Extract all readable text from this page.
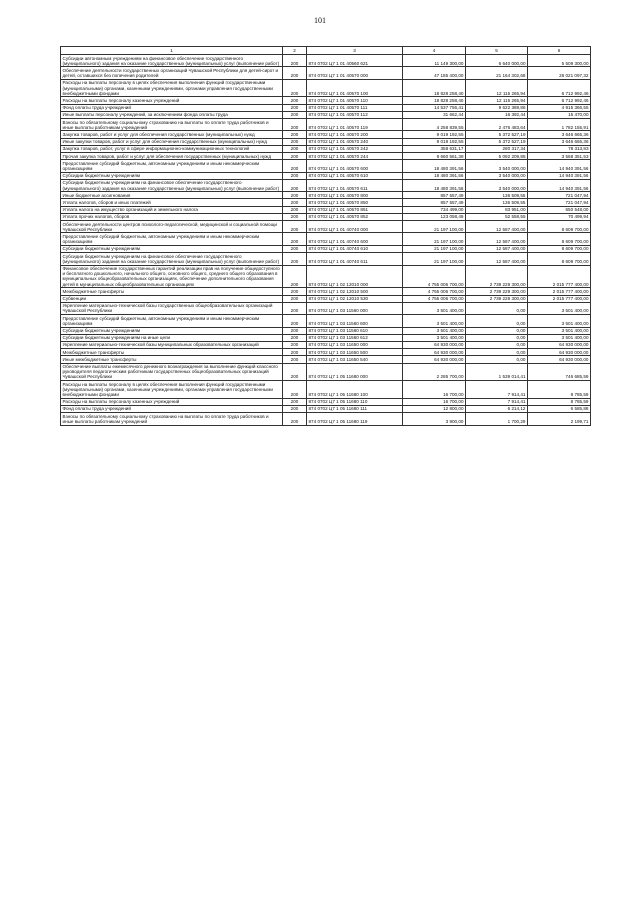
101
1	2	3	4	5	6
Субсидии автономным учреждениям на финансовое обеспечение государственного (муниципального) задания на оказание государственных (муниципальных) услуг (выполнение работ)	200	874 0702 Ц7 1 01 40560 621	11 149 300,00	6 640 000,00	5 509 300,00
Обеспечение деятельности государственных организаций Чувашской Республики для детей-сирот и детей, оставшихся без попечения родителей	200	874 0702 Ц7 1 01 40570 000	47 185 400,00	21 164 302,68	26 021 097,32
Расходы на выплаты персоналу в целях обеспечения выполнения функций государственными (муниципальными) органами, казенными учреждениями, органами управления государственными внебюджетными фондами	200	874 0702 Ц7 1 01 40570 100	18 828 258,40	12 115 265,94	6 712 992,46
Расходы на выплаты персоналу казенных учреждений	200	874 0702 Ц7 1 01 40570 110	18 828 258,40	12 115 265,94	6 712 992,46
Фонд оплаты труда учреждений	200	874 0702 Ц7 1 01 40570 111	14 537 756,41	9 622 389,86	4 915 366,55
Иные выплаты персоналу учреждений, за исключением фонда оплаты труда	200	874 0702 Ц7 1 01 40570 112	31 662,44	16 392,44	15 470,00
Взносы по обязательному социальному страхованию на выплаты по оплате труда работников и иные выплаты работникам учреждений	200	874 0702 Ц7 1 01 40570 119	4 258 839,55	2 476 483,64	1 782 155,91
Закупка товаров, работ и услуг для обеспечения государственных (муниципальных) нужд	200	874 0702 Ц7 1 01 40570 200	9 019 192,55	5 372 527,19	3 646 665,36
Иные закупки товаров, работ и услуг для обеспечения государственных (муниципальных) нужд	200	874 0702 Ц7 1 01 40570 240	9 019 192,55	5 372 527,19	3 646 665,36
Закупка товаров, работ, услуг в сфере информационно-коммуникационных технологий	200	874 0702 Ц7 1 01 40570 242	358 631,17	280 317,34	78 313,83
Прочая закупка товаров, работ и услуг для обеспечения государственных (муниципальных) нужд	200	874 0702 Ц7 1 01 40570 244	8 660 561,38	5 092 209,85	3 568 351,53
Предоставление субсидий бюджетным, автономным учреждениям и иным некоммерческим организациям	200	874 0702 Ц7 1 01 40570 600	18 480 391,56	3 540 000,00	14 940 391,56
Субсидии бюджетным учреждениям	200	874 0702 Ц7 1 01 40570 610	18 480 391,56	3 540 000,00	14 940 391,56
Субсидии бюджетным учреждениям на финансовое обеспечение государственного (муниципального) задания на оказание государственных (муниципальных) услуг (выполнение работ)	200	874 0702 Ц7 1 01 40570 611	18 480 391,56	3 540 000,00	14 940 391,56
Иные бюджетные ассигнования	200	874 0702 Ц7 1 01 40570 800	857 557,49	136 509,55	721 047,94
Уплата налогов, сборов и иных платежей	200	874 0702 Ц7 1 01 40570 850	857 557,49	136 509,55	721 047,94
Уплата налога на имущество организаций и земельного налога	200	874 0702 Ц7 1 01 40570 851	734 499,00	83 951,00	650 548,00
Уплата прочих налогов, сборов	200	874 0702 Ц7 1 01 40570 852	123 058,49	52 558,55	70 499,94
Обеспечение деятельности центров психолого-педагогической, медицинской и социальной помощи Чувашской Республики	200	874 0702 Ц7 1 01 40740 000	21 197 100,00	12 587 400,00	8 609 700,00
Предоставление субсидий бюджетным, автономным учреждениям и иным некоммерческим организациям	200	874 0702 Ц7 1 01 40740 600	21 197 100,00	12 587 400,00	8 609 700,00
Субсидии бюджетным учреждениям	200	874 0702 Ц7 1 01 40740 610	21 197 100,00	12 587 400,00	8 609 700,00
Субсидии бюджетным учреждениям на финансовое обеспечение государственного (муниципального) задания на оказание государственных (муниципальных) услуг (выполнение работ)	200	874 0702 Ц7 1 01 40740 611	21 197 100,00	12 587 400,00	8 609 700,00
Финансовое обеспечение государственных гарантий реализации прав на получение общедоступного и бесплатного дошкольного, начального общего, основного общего, среднего общего образования в муниципальных общеобразовательных организациях, обеспечение дополнительного образования детей в муниципальных общеобразовательных организациях	200	874 0702 Ц7 1 02 12010 000	4 755 006 700,00	2 739 229 300,00	2 015 777 400,00
Межбюджетные трансферты	200	874 0702 Ц7 1 02 12010 500	4 755 006 700,00	2 739 229 300,00	2 015 777 400,00
Субвенции	200	874 0702 Ц7 1 02 12010 530	4 755 006 700,00	2 739 229 300,00	2 015 777 400,00
Укрепление материально-технической базы государственных общеобразовательных организаций Чувашской Республики	200	874 0702 Ц7 1 03 11560 000	3 501 400,00	0,00	3 501 400,00
Предоставление субсидий бюджетным, автономным учреждениям и иным некоммерческим организациям	200	874 0702 Ц7 1 03 11560 600	3 501 400,00	0,00	3 501 400,00
Субсидии бюджетным учреждениям	200	874 0702 Ц7 1 03 11560 610	3 501 400,00	0,00	3 501 400,00
Субсидии бюджетным учреждениям на иные цели	200	874 0702 Ц7 1 03 11560 612	3 501 400,00	0,00	3 501 400,00
Укрепление материально-технической базы муниципальных образовательных организаций	200	874 0702 Ц7 1 03 11650 000	64 930 000,00	0,00	64 930 000,00
Межбюджетные трансферты	200	874 0702 Ц7 1 03 11650 500	64 930 000,00	0,00	64 930 000,00
Иные межбюджетные трансферты	200	874 0702 Ц7 1 03 11650 540	64 930 000,00	0,00	64 930 000,00
Обеспечение выплаты ежемесячного денежного вознаграждения за выполнение функций классного руководителя педагогическим работникам государственных общеобразовательных организаций Чувашской Республики	200	874 0702 Ц7 1 05 11680 000	2 285 700,00	1 539 014,41	746 685,59
Расходы на выплаты персоналу в целях обеспечения выполнения функций государственными (муниципальными) органами, казенными учреждениями, органами управления государственными внебюджетными фондами	200	874 0702 Ц7 1 05 11680 100	16 700,00	7 914,41	8 785,59
Расходы на выплаты персоналу казенных учреждений	200	874 0702 Ц7 1 05 11680 110	16 700,00	7 914,41	8 785,59
Фонд оплаты труда учреждений	200	874 0702 Ц7 1 05 11680 111	12 800,00	6 214,12	6 585,88
Взносы по обязательному социальному страхованию на выплаты по оплате труда работников и иные выплаты работникам учреждений	200	874 0702 Ц7 1 05 11680 119	3 900,00	1 700,29	2 199,71
